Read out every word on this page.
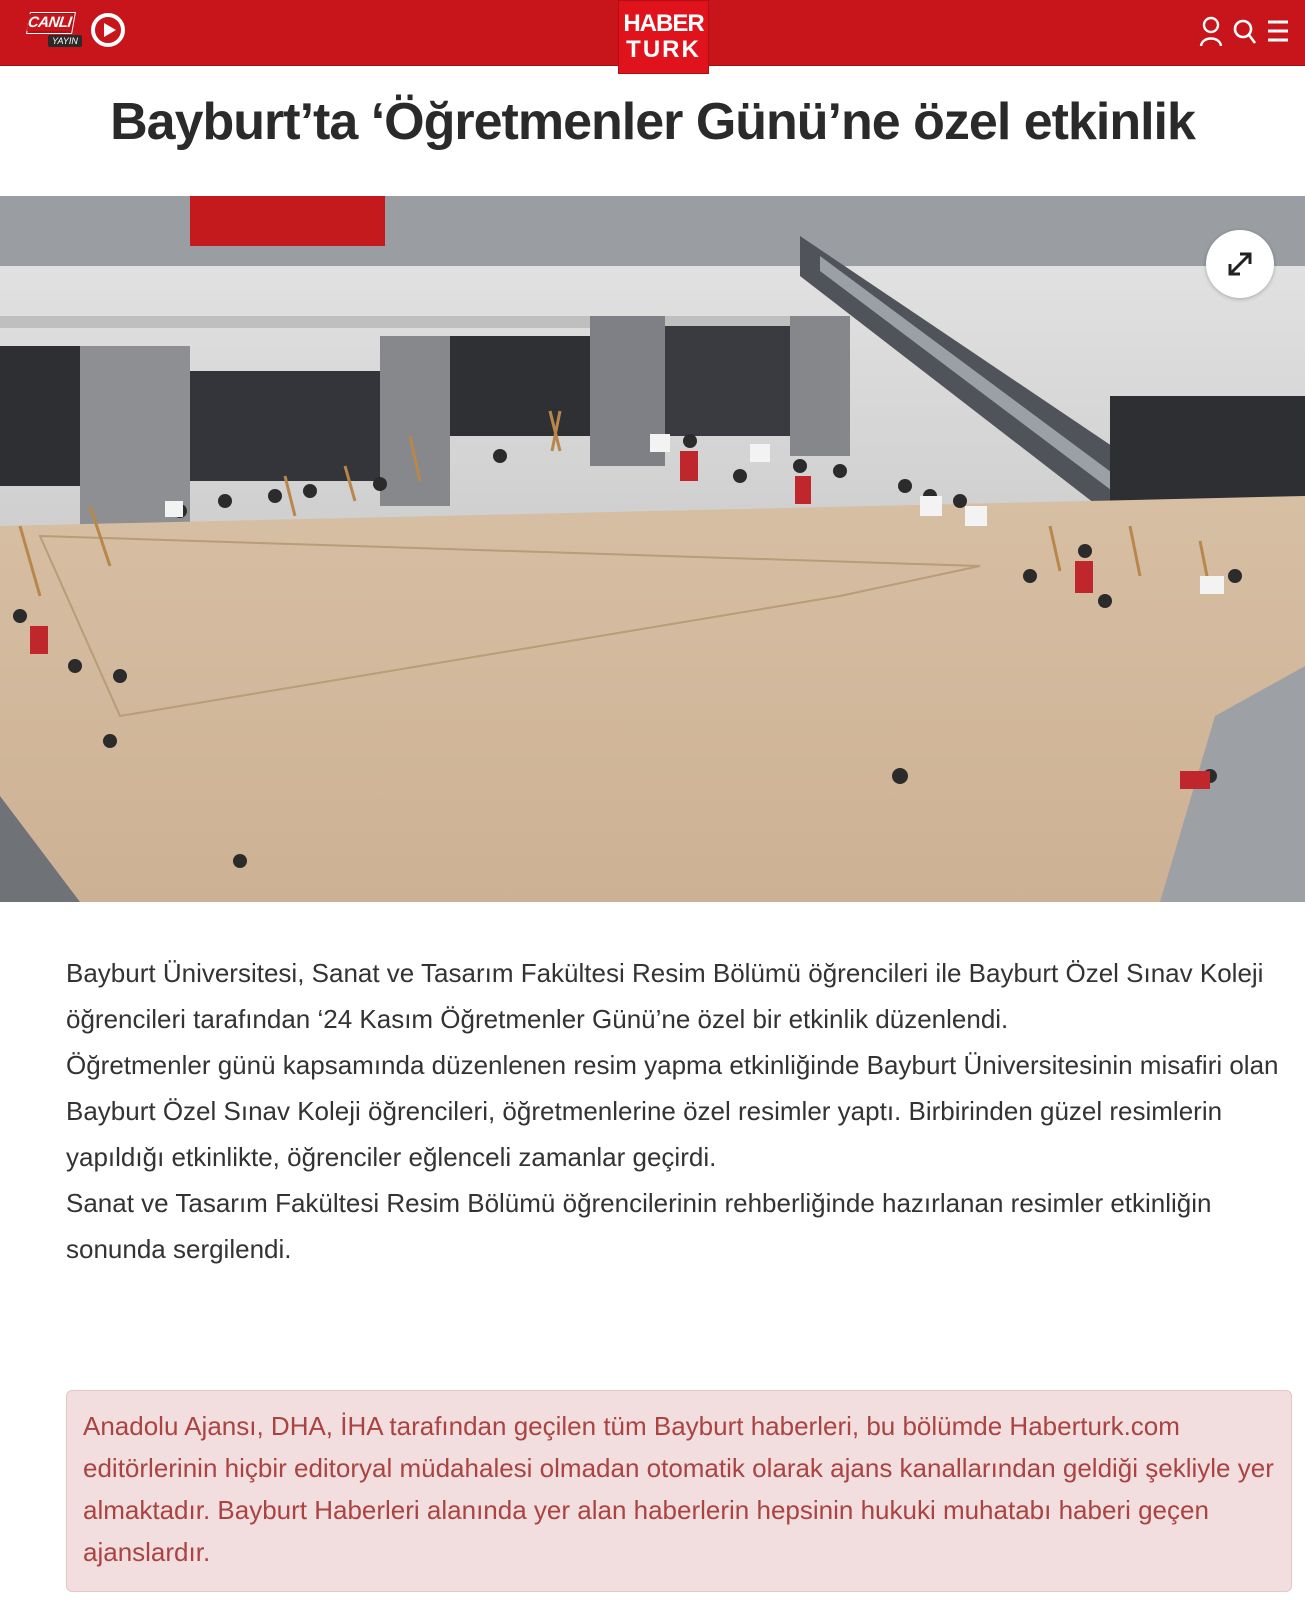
CANLI
YAYIN
HABER
TURK
Bayburt’ta ‘Öğretmenler Günü’ne özel etkinlik

Bayburt Üniversitesi, Sanat ve Tasarım Fakültesi Resim Bölümü öğrencileri ile Bayburt Özel Sınav Koleji öğrencileri tarafından ‘24 Kasım Öğretmenler Günü’ne özel bir etkinlik düzenlendi.

Öğretmenler günü kapsamında düzenlenen resim yapma etkinliğinde Bayburt Üniversitesinin misafiri olan Bayburt Özel Sınav Koleji öğrencileri, öğretmenlerine özel resimler yaptı. Birbirinden güzel resimlerin yapıldığı etkinlikte, öğrenciler eğlenceli zamanlar geçirdi.

Sanat ve Tasarım Fakültesi Resim Bölümü öğrencilerinin rehberliğinde hazırlanan resimler etkinliğin sonunda sergilendi.

Anadolu Ajansı, DHA, İHA tarafından geçilen tüm Bayburt haberleri, bu bölümde Haberturk.com editörlerinin hiçbir editoryal müdahalesi olmadan otomatik olarak ajans kanallarından geldiği şekliyle yer almaktadır. Bayburt Haberleri alanında yer alan haberlerin hepsinin hukuki muhatabı haberi geçen ajanslardır.
